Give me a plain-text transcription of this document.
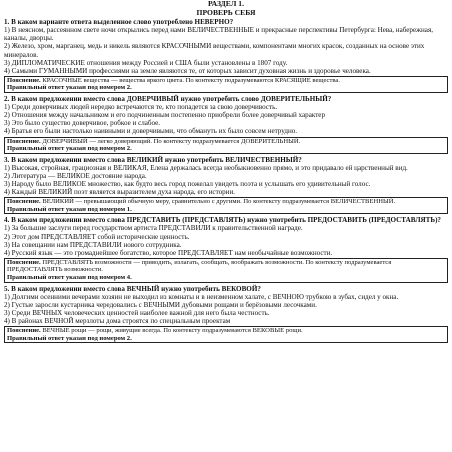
РАЗДЕЛ 1.
ПРОВЕРЬ СЕБЯ
1. В каком варианте ответа выделенное слово употреблено НЕВЕРНО?
1) В неясном, рассеянном свете ночи открылись перед нами ВЕЛИЧЕСТВЕННЫЕ и прекрасные перспективы Петербурга: Нева, набережная, каналы, дворцы.
2) Железо, хром, марганец, медь и никель являются КРАСОЧНЫМИ веществами, компонентами многих красок, созданных на основе этих минералов.
3) ДИПЛОМАТИЧЕСКИЕ отношения между Россией и США были установлены в 1807 году.
4) Самыми ГУМАННЫМИ профессиями на земле являются те, от которых зависит духовная жизнь и здоровье человека.
Пояснение. КРАСОЧНЫЕ вещества — вещества яркого цвета. По контексту подразумеваются КРАСЯЩИЕ вещества.
Правильный ответ указан под номером 2.
2. В каком предложении вместо слова ДОВЕРЧИВЫЙ нужно употребить слово ДОВЕРИТЕЛЬНЫЙ?
1) Среди доверчивых людей нередко встречаются те, кто попадется за свою доверчивость.
2) Отношения между начальником и его подчиненным постепенно приобрели более доверчивый характер
3) Это было существо доверчивое, робкое и слабое.
4) Братья его были настолько наивными и доверчивыми, что обмануть их было совсем нетрудно.
Пояснение. ДОВЕРЧИВЫЙ — легко доверяющий. По контексту подразумевается ДОВЕРИТЕЛЬНЫЙ.
Правильный ответ указан под номером 2.
3. В каком предложении вместо слова ВЕЛИКИЙ нужно употребить ВЕЛИЧЕСТВЕННЫЙ?
1) Высокая, стройная, грациозная и ВЕЛИКАЯ, Елена держалась всегда необыкновенно прямо, и это придавало ей царственный вид.
2) Литература — ВЕЛИКОЕ достояние народа.
3) Народу было ВЕЛИКОЕ множество, как будто весь город пожелал увидеть поэта и услышать его удивительный голос.
4) Каждый ВЕЛИКИЙ поэт является выразителем духа народа, его истории.
Пояснение. ВЕЛИКИЙ — превышающий обычную меру, сравнительно с другими. По контексту подразумевается ВЕЛИЧЕСТВЕННЫЙ.
Правильный ответ указан под номером 1.
4. В каком предложении вместо слова ПРЕДСТАВИТЬ (ПРЕДСТАВЛЯТЬ) нужно употребить ПРЕДОСТАВИТЬ (ПРЕДОСТАВЛЯТЬ)?
1) За большие заслуги перед государством артиста ПРЕДСТАВИЛИ к правительственной награде.
2) Этот дом ПРЕДСТАВЛЯЕТ собой исторические ценность.
3) На совещании нам ПРЕДСТАВИЛИ нового сотрудника.
4) Русский язык — это громаднейшее богатство, которое ПРЕДСТАВЛЯЕТ нам необычайные возможности.
Пояснение. ПРЕДСТАВЛЯТЬ возможности — приводить, излагать, сообщать, воображать возможности. По контексту подразумевается ПРЕДОСТАВЛЯТЬ возможности.
Правильный ответ указан под номером 4.
5. В каком предложении вместо слова ВЕЧНЫЙ нужно употребить ВЕКОВОЙ?
1) Долгими осенними вечерами хозяин не выходил из комнаты и в неизменном халате, с ВЕЧНОЮ трубкою в зубах, сидел у окна.
2) Густые заросли кустарника чередовались с ВЕЧНЫМИ дубовыми рощами и берёзовыми лесочками.
3) Среди ВЕЧНЫХ человеческих ценностей наиболее важной для него была честность.
4) В районах ВЕЧНОЙ мерзлоты дома строятся по специальным проектам
Пояснение. ВЕЧНЫЕ рощи — рощи, живущие всегда. По контексту подразумеваются ВЕКОВЫЕ рощи.
Правильный ответ указан под номером 2.
